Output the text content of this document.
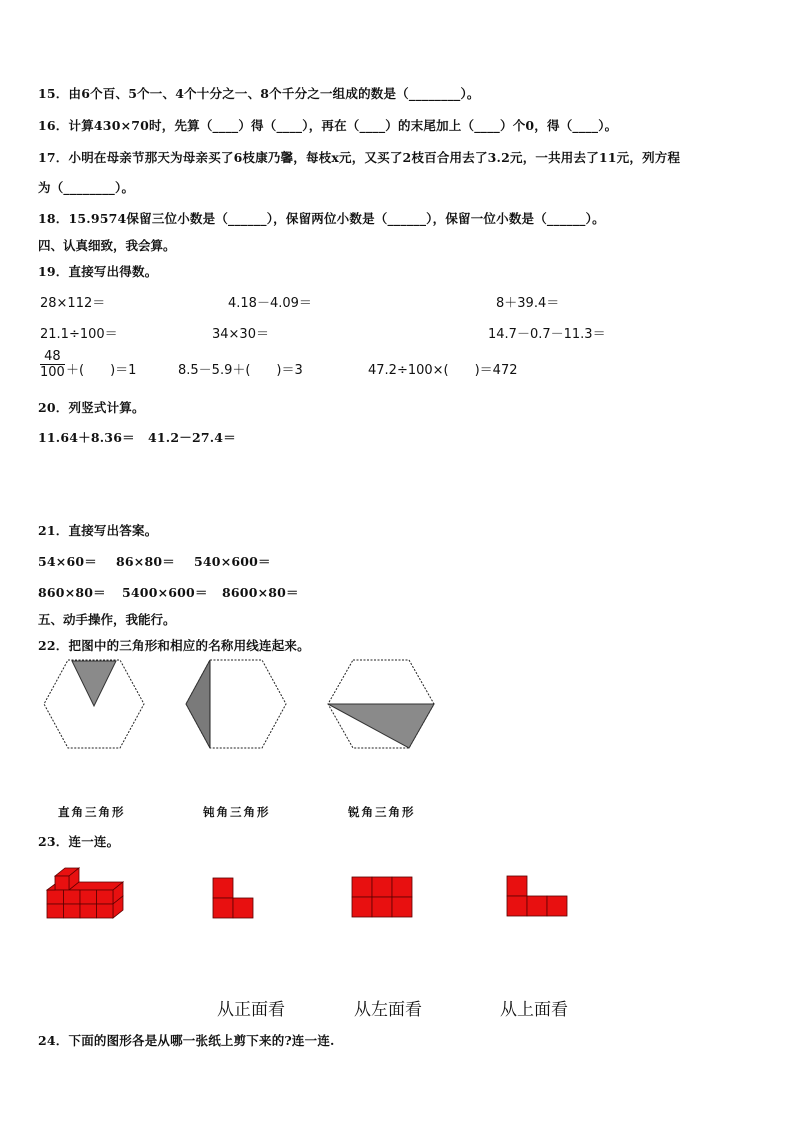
15．由6个百、5个一、4个十分之一、8个千分之一组成的数是（________）。
16．计算430×70时，先算（____）得（____），再在（____）的末尾加上（____）个0，得（____）。
17．小明在母亲节那天为母亲买了6枝康乃馨，每枝x元，又买了2枝百合用去了3.2元，一共用去了11元，列方程
为（________）。
18．15.9574保留三位小数是（______），保留两位小数是（______），保留一位小数是（______）。
四、认真细致，我会算。
19．直接写出得数。
28×112＝	4.18－4.09＝	8＋39.4＝
21.1÷100＝	34×30＝	14.7－0.7－11.3＝
$\frac{48}{100}$ ＋(　　)＝1	8.5－5.9＋(　　)＝3	47.2÷100×(　　)＝472
20．列竖式计算。
11.64＋8.36＝ 41.2－27.4＝
21．直接写出答案。
54×60＝ 86×80＝ 540×600＝
860×80＝ 5400×600＝ 8600×80＝
五、动手操作，我能行。
22．把图中的三角形和相应的名称用线连起来。
直角三角形	钝角三角形	锐角三角形
23．连一连。
从正面看	从左面看	从上面看
24．下面的图形各是从哪一张纸上剪下来的?连一连.
